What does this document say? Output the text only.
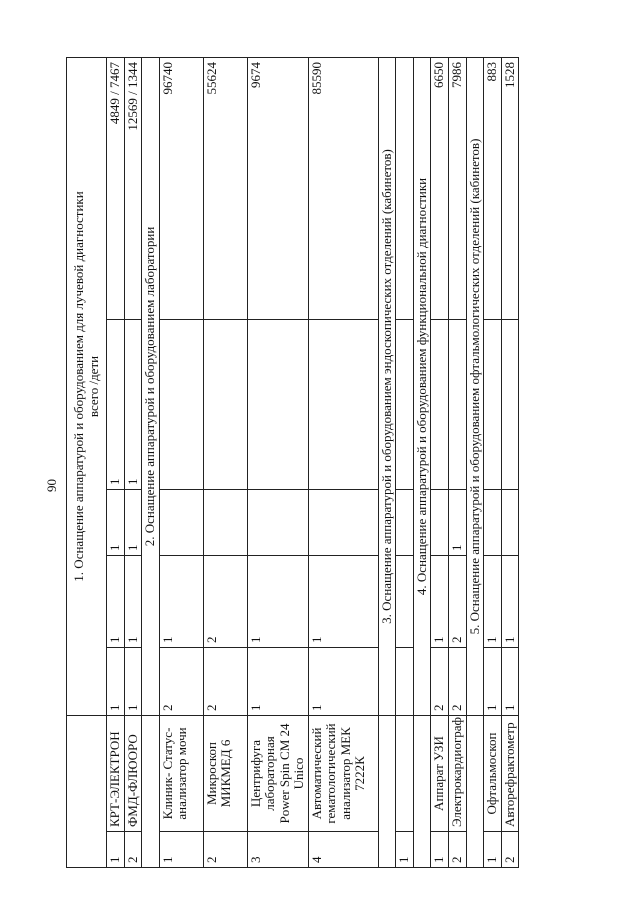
90
		1. Оснащение аппаратурой и оборудованием для лучевой диагностики всего /дети				

1	КРТ-ЭЛЕКТРОН	1	1	1	1	4849 / 7467
2	ФМД-ФЛЮОРО	1	1	1	1	12569 / 1344
		2. Оснащение аппаратурой и оборудованием лаборатории				
1	Клиник- Статус- анализатор мочи	2	1			96740
2	Микроскоп МИКМЕД 6	2	2			55624
3	Центрифуга лабораторная Power Spin CM 24 Unico	1	1			9674
4	Автоматический гематологический анализатор МЕК 7222К	1	1			85590
		3. Оснащение аппаратурой и оборудованием эндоскопических отделений (кабинетов)				
1						
		4. Оснащение аппаратурой и оборудованием функциональной диагностики				
1	Аппарат УЗИ	2	1			6650
2	Электрокардиограф	2	2	1		7986
		5. Оснащение аппаратурой и оборудованием офтальмологических отделений (кабинетов)				
1	Офтальмоскоп	1	1			883
2	Авторефрактометр	1	1			1528
